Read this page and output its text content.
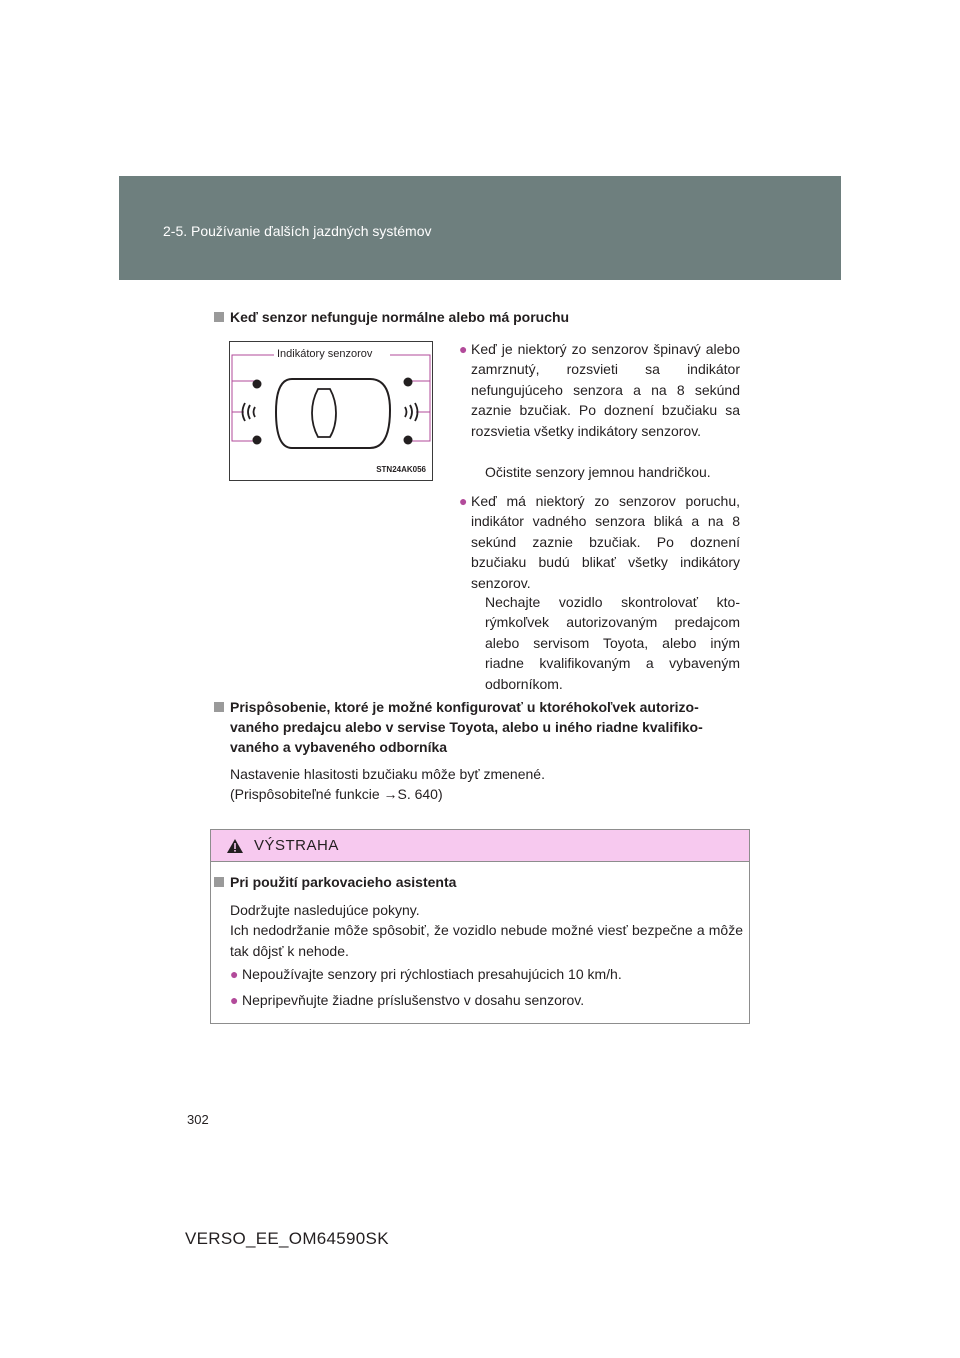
2-5. Používanie ďalších jazdných systémov
Keď senzor nefunguje normálne alebo má poruchu
Indikátory senzorov
STN24AK056
● Keď je niektorý zo senzorov špinavý alebo zamrznutý, rozsvieti sa indikátor nefungujúceho senzora a na 8 sekúnd zaznie bzučiak. Po doznení bzučiaku sa rozsvietia všetky indikátory senzorov.
Očistite senzory jemnou handričkou.
● Keď má niektorý zo senzorov poruchu, indikátor vadného senzora bliká a na 8 sekúnd zaznie bzučiak. Po doznení bzučiaku budú blikať všetky indikátory senzorov.
Nechajte vozidlo skontrolovať kto-rýmkoľvek autorizovaným predajcom alebo servisom Toyota, alebo iným riadne kvalifikovaným a vybaveným odborníkom.
Prispôsobenie, ktoré je možné konfigurovať u ktoréhokoľvek autorizo-
vaného predajcu alebo v servise Toyota, alebo u iného riadne kvalifiko-
vaného a vybaveného odborníka
Nastavenie hlasitosti bzučiaku môže byť zmenené.
(Prispôsobiteľné funkcie →S. 640)
VÝSTRAHA
Pri použití parkovacieho asistenta
Dodržujte nasledujúce pokyny.
Ich nedodržanie môže spôsobiť, že vozidlo nebude možné viesť bezpečne a môže tak dôjsť k nehode.
● Nepoužívajte senzory pri rýchlostiach presahujúcich 10 km/h.
● Nepripevňujte žiadne príslušenstvo v dosahu senzorov.
302
VERSO_EE_OM64590SK
